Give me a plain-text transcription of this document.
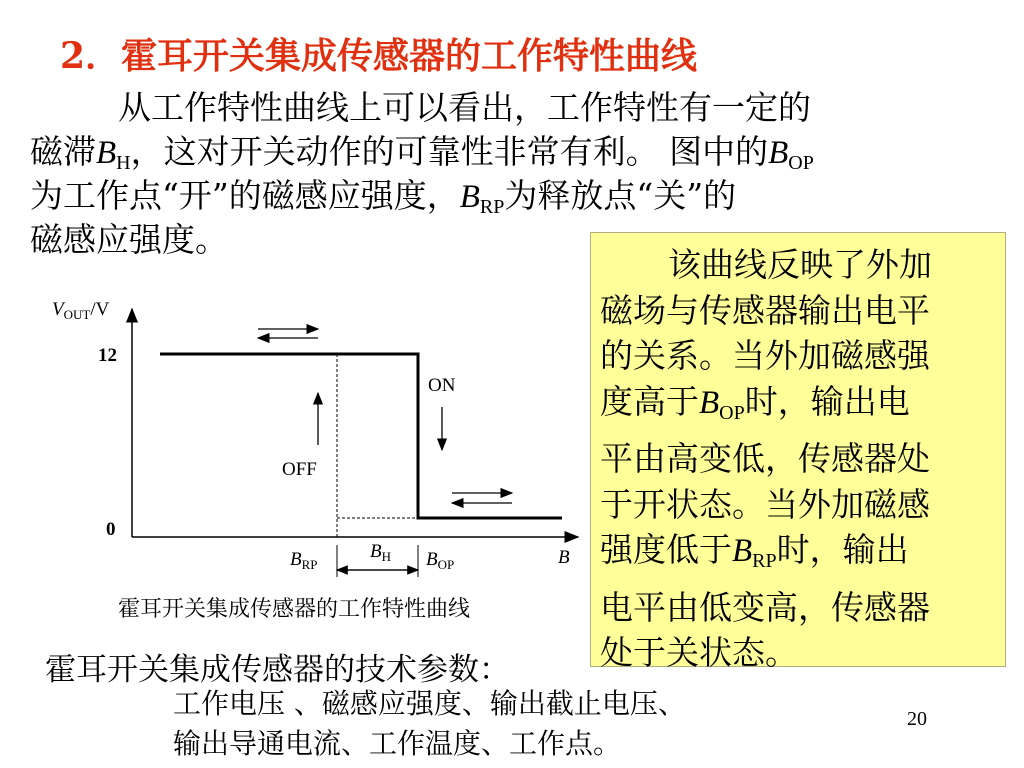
2．霍耳开关集成传感器的工作特性曲线
从工作特性曲线上可以看出，工作特性有一定的
磁滞$B_H$，这对开关动作的可靠性非常有利。 图中的$B_{OP}$
为工作点“开”的磁感应强度，$B_{RP}$为释放点“关”的
磁感应强度。
该曲线反映了外加
磁场与传感器输出电平
的关系。当外加磁感强
度高于$B_{OP}$时，输出电
平由高变低，传感器处
于开状态。当外加磁感
强度低于$B_{RP}$时，输出
电平由低变高，传感器
处于关状态。
$V_{OUT}/V$
12
0
ON
OFF
B
$B_{RP}$
$B_H$ $B_{OP}$
霍耳开关集成传感器的工作特性曲线
霍耳开关集成传感器的技术参数：
工作电压 、磁感应强度、输出截止电压、
输出导通电流、工作温度、工作点。
20
